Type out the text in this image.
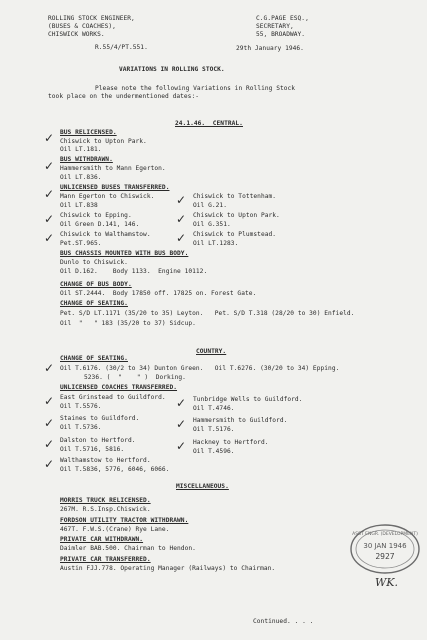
ROLLING STOCK ENGINEER,
(BUSES & COACHES),
CHISWICK WORKS.
C.G.PAGE ESQ.,
SECRETARY,
55, BROADWAY.
R.55/4/PT.551.	29th January 1946.
VARIATIONS IN ROLLING STOCK.
Please note the following Variations in Rolling Stock
took place on the undermentioned dates:-
24.1.46.  CENTRAL.
BUS RELICENSED.
Chiswick to Upton Park.
Oil LT.181.
BUS WITHDRAWN.
Hammersmith to Mann Egerton.
Oil LT.836.
UNLICENSED BUSES TRANSFERRED.
Mann Egerton to Chiswick.
Oil LT.838
Chiswick to Epping.
Oil Green D.141, 146.
Chiswick to Walthamstow.
Pet.ST.965.
Chiswick to Tottenham.
Oil G.21.
Chiswick to Upton Park.
Oil G.351.
Chiswick to Plumstead.
Oil LT.1283.
BUS CHASSIS MOUNTED WITH BUS BODY.
Dunlo to Chiswick.
Oil D.162.    Body 1133.  Engine 10112.
CHANGE OF BUS BODY.
Oil ST.2444.  Body 17850 off. 17825 on. Forest Gate.
CHANGE OF SEATING.
Pet. S/D LT.1171 (35/20 to 35) Leyton.   Pet. S/D T.318 (28/20 to 30) Enfield.
Oil  "   " 183 (35/20 to 37) Sidcup.
COUNTRY.
CHANGE OF SEATING.
Oil T.6176. (30/2 to 34) Dunton Green.   Oil T.6276. (30/20 to 34) Epping.
5236. (  "    " )  Dorking.
UNLICENSED COACHES TRANSFERRED.
East Grinstead to Guildford.
Oil T.5576.
Staines to Guildford.
Oil T.5736.
Dalston to Hertford.
Oil T.5716, 5816.
Walthamstow to Hertford.
Oil T.5836, 5776, 6046, 6066.
Tunbridge Wells to Guildford.
Oil T.4746.
Hammersmith to Guildford.
Oil T.5176.
Hackney to Hertford.
Oil T.4596.
MISCELLANEOUS.
MORRIS TRUCK RELICENSED.
267M. R.S.Insp.Chiswick.
FORDSON UTILITY TRACTOR WITHDRAWN.
467T. F.W.S.(Crane) Rye Lane.
PRIVATE CAR WITHDRAWN.
Daimler BAB.500. Chairman to Hendon.
PRIVATE CAR TRANSFERRED.
Austin FJJ.778. Operating Manager (Railways) to Chairman.
✓
✓
✓
✓
✓
✓
✓
✓
✓
✓
✓
✓
✓
✓
✓
✓
ASST ENGR. (DEVELOPMENT)
30 JAN 1946
2927
WK.
Continued. . . .
